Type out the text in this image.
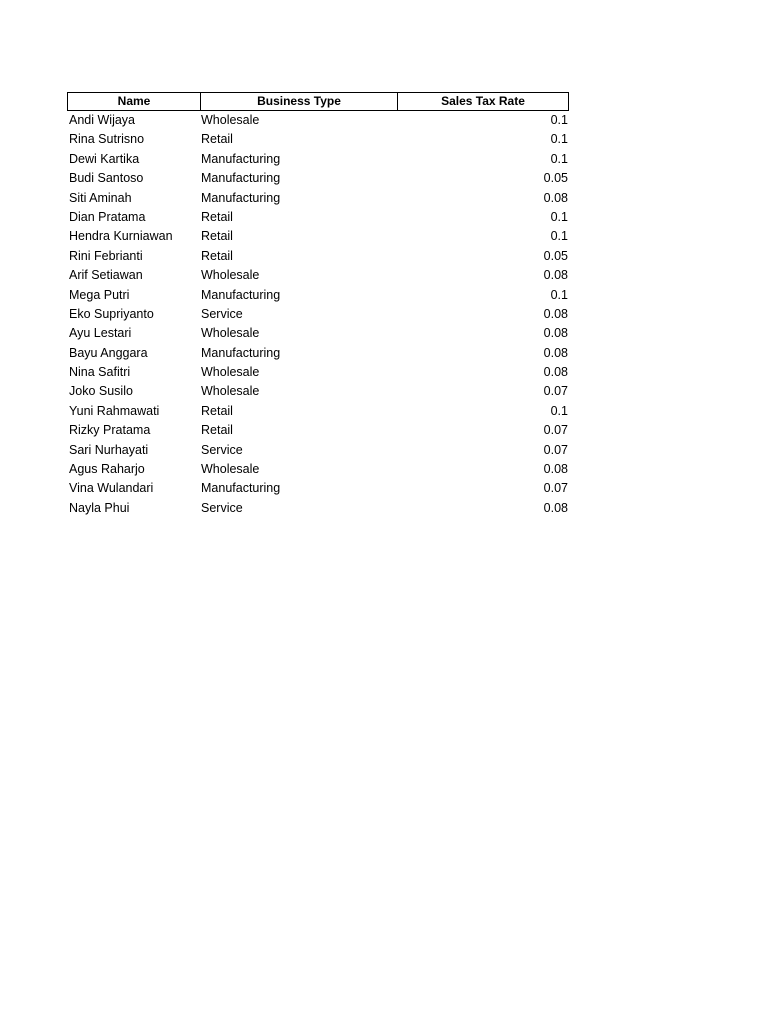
Name	Business Type	Sales Tax Rate
Andi Wijaya	Wholesale	0.1
Rina Sutrisno	Retail	0.1
Dewi Kartika	Manufacturing	0.1
Budi Santoso	Manufacturing	0.05
Siti Aminah	Manufacturing	0.08
Dian Pratama	Retail	0.1
Hendra Kurniawan	Retail	0.1
Rini Febrianti	Retail	0.05
Arif Setiawan	Wholesale	0.08
Mega Putri	Manufacturing	0.1
Eko Supriyanto	Service	0.08
Ayu Lestari	Wholesale	0.08
Bayu Anggara	Manufacturing	0.08
Nina Safitri	Wholesale	0.08
Joko Susilo	Wholesale	0.07
Yuni Rahmawati	Retail	0.1
Rizky Pratama	Retail	0.07
Sari Nurhayati	Service	0.07
Agus Raharjo	Wholesale	0.08
Vina Wulandari	Manufacturing	0.07
Nayla Phui	Service	0.08
